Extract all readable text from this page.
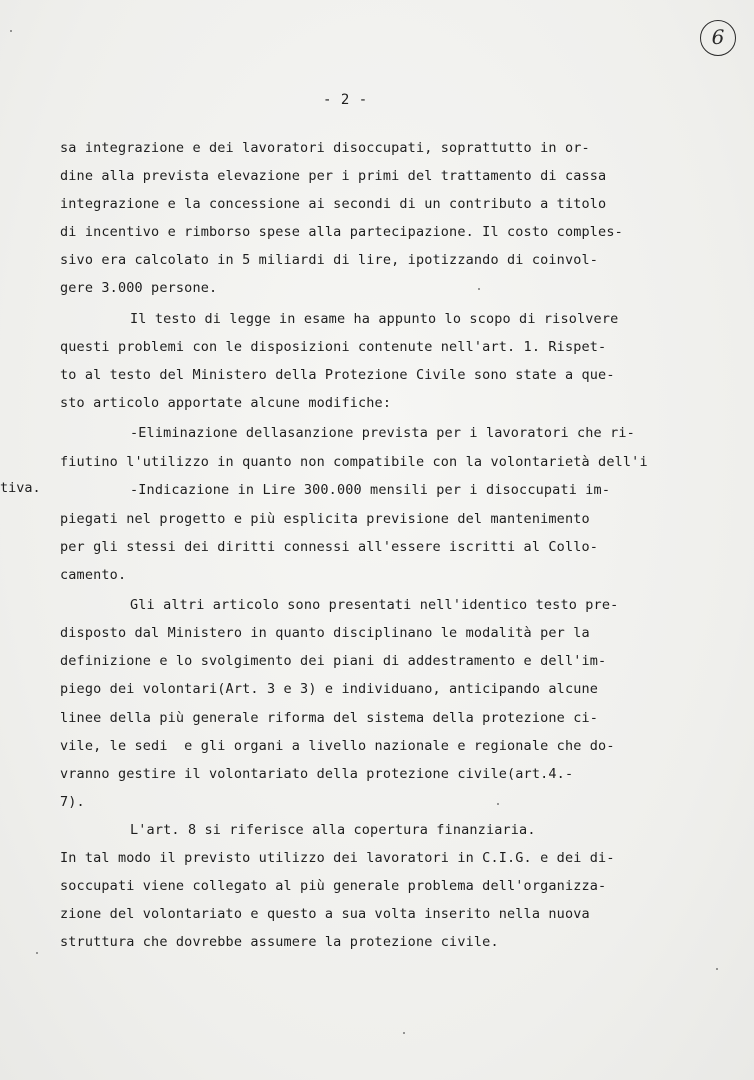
6
- 2 -
sa integrazione e dei lavoratori disoccupati, soprattutto in or-
dine alla prevista elevazione per i primi del trattamento di cassa
integrazione e la concessione ai secondi di un contributo a titolo
di incentivo e rimborso spese alla partecipazione. Il costo comples-
sivo era calcolato in 5 miliardi di lire, ipotizzando di coinvol-
gere 3.000 persone.
Il testo di legge in esame ha appunto lo scopo di risolvere
questi problemi con le disposizioni contenute nell'art. 1. Rispet-
to al testo del Ministero della Protezione Civile sono state a que-
sto articolo apportate alcune modifiche:
-Eliminazione dellasanzione prevista per i lavoratori che ri-
fiutino l'utilizzo in quanto non compatibile con la volontarietà dell'i
tiva.	-Indicazione in Lire 300.000 mensili per i disoccupati im-
piegati nel progetto e più esplicita previsione del mantenimento
per gli stessi dei diritti connessi all'essere iscritti al Collo-
camento.
Gli altri articolo sono presentati nell'identico testo pre-
disposto dal Ministero in quanto disciplinano le modalità per la
definizione e lo svolgimento dei piani di addestramento e dell'im-
piego dei volontari(Art. 3 e 3) e individuano, anticipando alcune
linee della più generale riforma del sistema della protezione ci-
vile, le sedi  e gli organi a livello nazionale e regionale che do-
vranno gestire il volontariato della protezione civile(art.4.-
7).
L'art. 8 si riferisce alla copertura finanziaria.
In tal modo il previsto utilizzo dei lavoratori in C.I.G. e dei di-
soccupati viene collegato al più generale problema dell'organizza-
zione del volontariato e questo a sua volta inserito nella nuova
struttura che dovrebbe assumere la protezione civile.
